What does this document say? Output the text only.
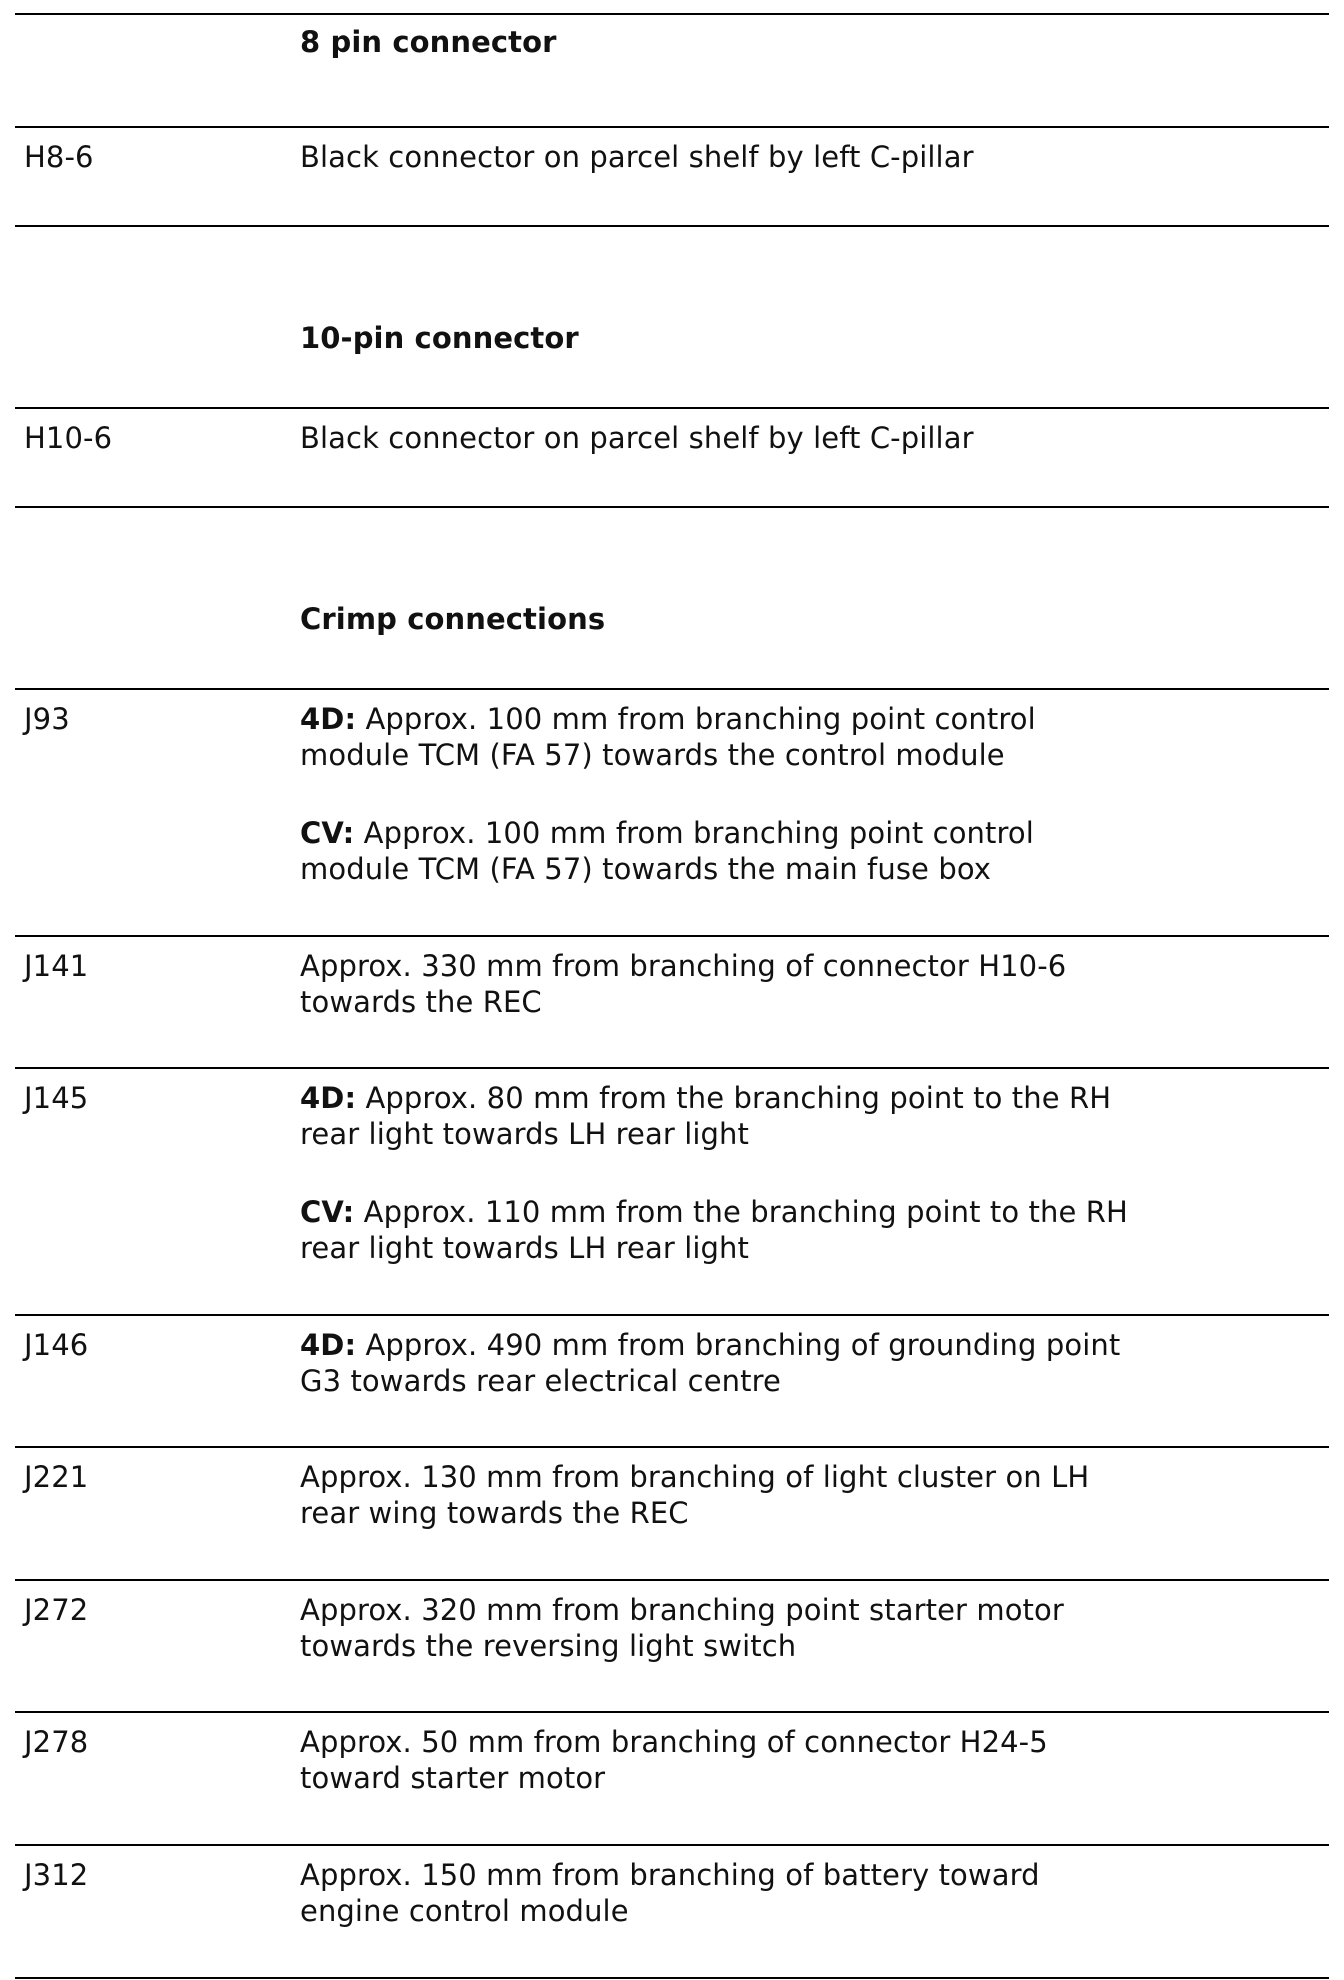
8 pin connector
H8-6	Black connector on parcel shelf by left C-pillar
10-pin connector
H10-6	Black connector on parcel shelf by left C-pillar
Crimp connections
J93	4D: Approx. 100 mm from branching point control
module TCM (FA 57) towards the control module
CV: Approx. 100 mm from branching point control
module TCM (FA 57) towards the main fuse box
J141	Approx. 330 mm from branching of connector H10-6
towards the REC
J145	4D: Approx. 80 mm from the branching point to the RH
rear light towards LH rear light
CV: Approx. 110 mm from the branching point to the RH
rear light towards LH rear light
J146	4D: Approx. 490 mm from branching of grounding point
G3 towards rear electrical centre
J221	Approx. 130 mm from branching of light cluster on LH
rear wing towards the REC
J272	Approx. 320 mm from branching point starter motor
towards the reversing light switch
J278	Approx. 50 mm from branching of connector H24-5
toward starter motor
J312	Approx. 150 mm from branching of battery toward
engine control module
